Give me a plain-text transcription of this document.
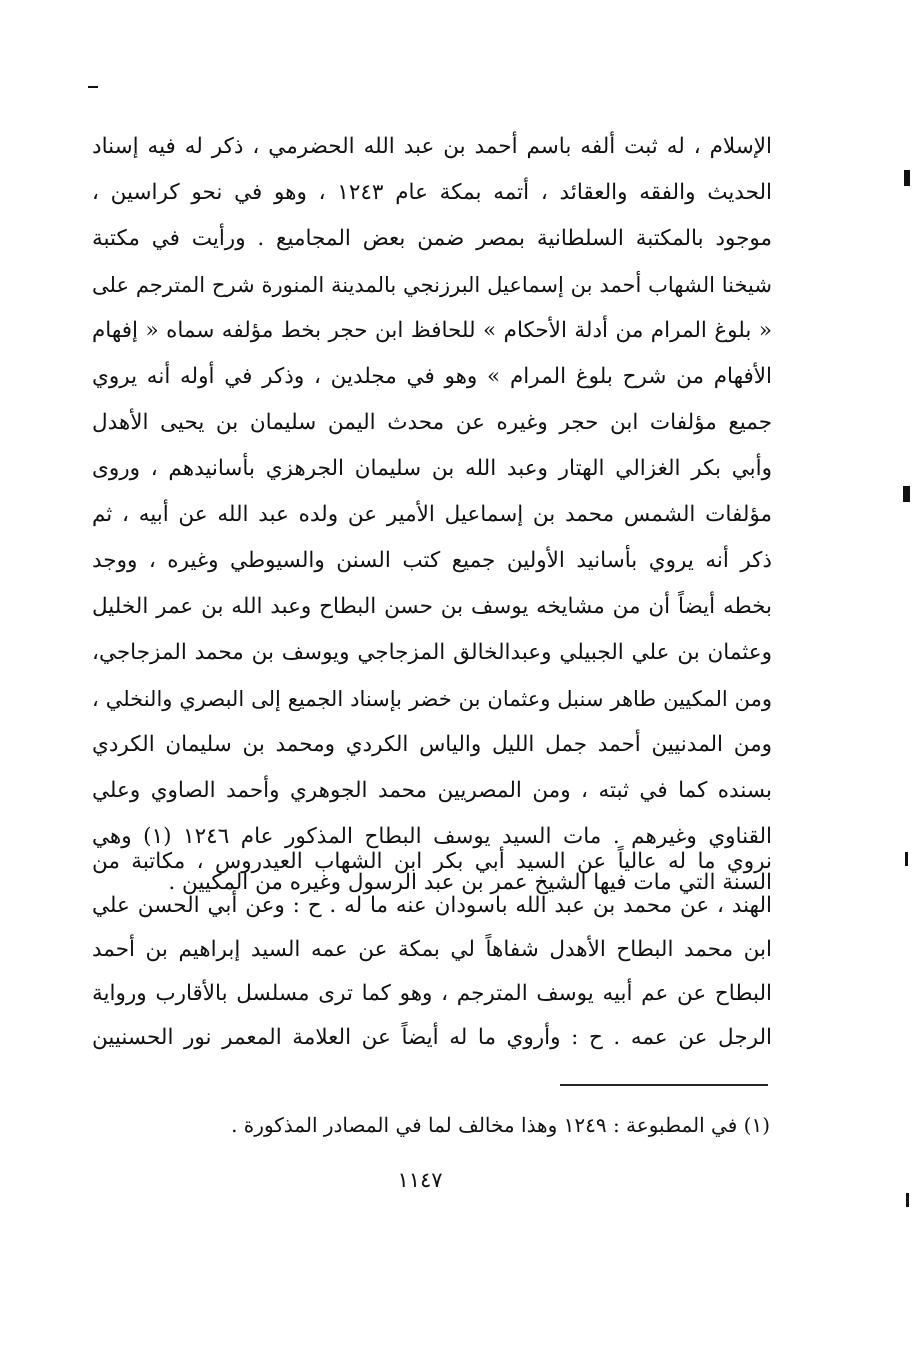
الإسلام ، له ثبت ألفه باسم أحمد بن عبد الله الحضرمي ، ذكر له فيه إسناد
الحديث والفقه والعقائد ، أتمه بمكة عام ١٢٤٣ ، وهو في نحو كراسين ،
موجود بالمكتبة السلطانية بمصر ضمن بعض المجاميع . ورأيت في مكتبة
شيخنا الشهاب أحمد بن إسماعيل البرزنجي بالمدينة المنورة شرح المترجم على
« بلوغ المرام من أدلة الأحكام » للحافظ ابن حجر بخط مؤلفه سماه « إفهام
الأفهام من شرح بلوغ المرام » وهو في مجلدين ، وذكر في أوله أنه يروي
جميع مؤلفات ابن حجر وغيره عن محدث اليمن سليمان بن يحيى الأهدل
وأبي بكر الغزالي الهتار وعبد الله بن سليمان الجرهزي بأسانيدهم ، وروى
مؤلفات الشمس محمد بن إسماعيل الأمير عن ولده عبد الله عن أبيه ، ثم
ذكر أنه يروي بأسانيد الأولين جميع كتب السنن والسيوطي وغيره ، ووجد
بخطه أيضاً أن من مشايخه يوسف بن حسن البطاح وعبد الله بن عمر الخليل
وعثمان بن علي الجبيلي وعبدالخالق المزجاجي ويوسف بن محمد المزجاجي،
ومن المكيين طاهر سنبل وعثمان بن خضر بإسناد الجميع إلى البصري والنخلي ،
ومن المدنيين أحمد جمل الليل والياس الكردي ومحمد بن سليمان الكردي
بسنده كما في ثبته ، ومن المصريين محمد الجوهري وأحمد الصاوي وعلي
القناوي وغيرهم . مات السيد يوسف البطاح المذكور عام ١٢٤٦ (١) وهي
السنة التي مات فيها الشيخ عمر بن عبد الرسول وغيره من المكيين .
نروي ما له عالياً عن السيد أبي بكر ابن الشهاب العيدروس ، مكاتبة من
الهند ، عن محمد بن عبد الله باسودان عنه ما له . ح : وعن أبي الحسن علي
ابن محمد البطاح الأهدل شفاهاً لي بمكة عن عمه السيد إبراهيم بن أحمد
البطاح عن عم أبيه يوسف المترجم ، وهو كما ترى مسلسل بالأقارب ورواية
الرجل عن عمه . ح : وأروي ما له أيضاً عن العلامة المعمر نور الحسنيين
(١) في المطبوعة : ١٢٤٩ وهذا مخالف لما في المصادر المذكورة .
١١٤٧
